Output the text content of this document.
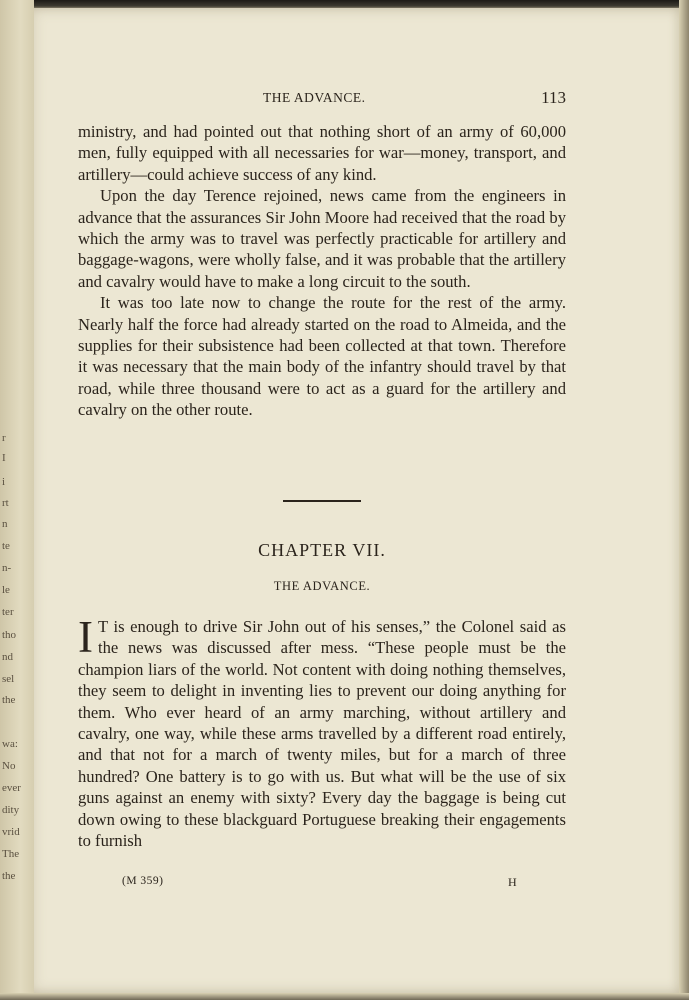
r
I
i
rt
n
te
n-
le
ter
tho
nd
sel
the
wa:
No
ever
dity
vrid
The
the
THE ADVANCE.	113

ministry, and had pointed out that nothing short of an army of 60,000 men, fully equipped with all necessaries for war—money, transport, and artillery—could achieve success of any kind.

Upon the day Terence rejoined, news came from the engineers in advance that the assurances Sir John Moore had received that the road by which the army was to travel was perfectly practicable for artillery and baggage-wagons, were wholly false, and it was probable that the artillery and cavalry would have to make a long circuit to the south.

It was too late now to change the route for the rest of the army. Nearly half the force had already started on the road to Almeida, and the supplies for their subsistence had been collected at that town. Therefore it was necessary that the main body of the infantry should travel by that road, while three thousand were to act as a guard for the artillery and cavalry on the other route.

CHAPTER VII.
THE ADVANCE.

I T is enough to drive Sir John out of his senses,” the Colonel said as the news was discussed after mess. “These people must be the champion liars of the world. Not content with doing nothing themselves, they seem to delight in inventing lies to prevent our doing anything for them. Who ever heard of an army marching, without artillery and cavalry, one way, while these arms travelled by a different road entirely, and that not for a march of twenty miles, but for a march of three hundred? One battery is to go with us. But what will be the use of six guns against an enemy with sixty? Every day the baggage is being cut down owing to these blackguard Portuguese breaking their engagements to furnish

(M 359)	H
